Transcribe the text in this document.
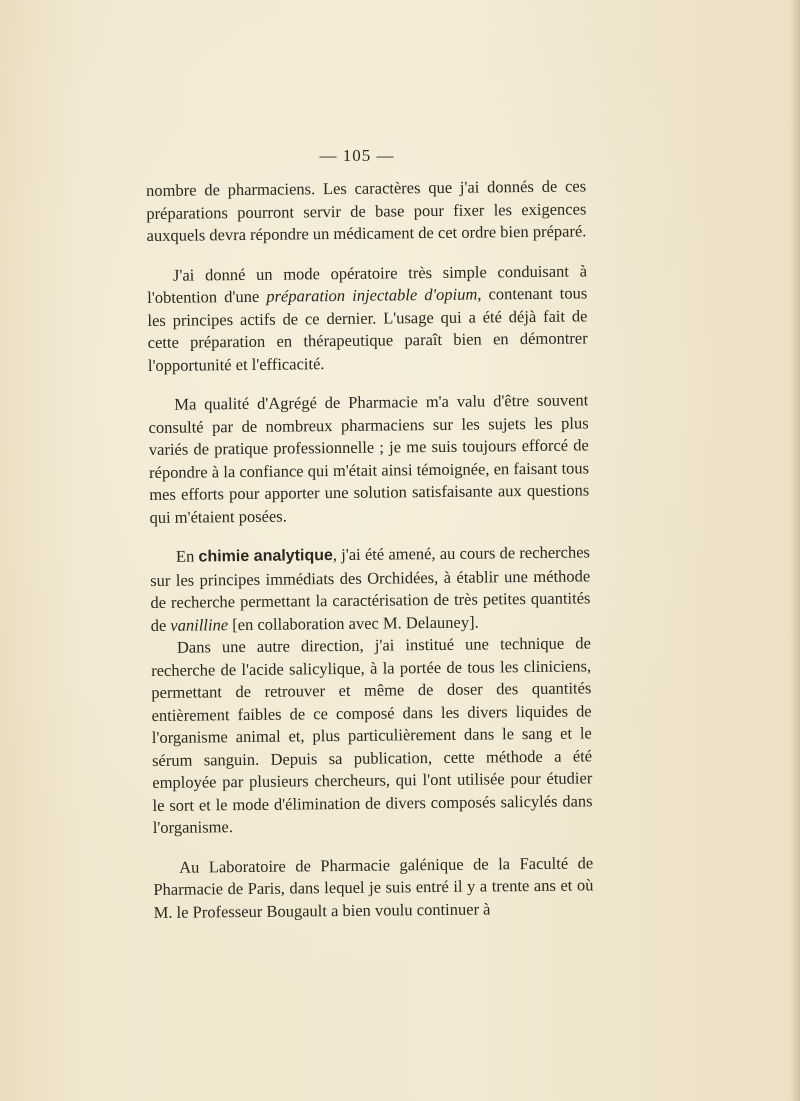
— 105 —

nombre de pharmaciens. Les caractères que j'ai donnés de ces préparations pourront servir de base pour fixer les exigences auxquels devra répondre un médicament de cet ordre bien préparé.

J'ai donné un mode opératoire très simple conduisant à l'obtention d'une préparation injectable d'opium, contenant tous les principes actifs de ce dernier. L'usage qui a été déjà fait de cette préparation en thérapeutique paraît bien en démontrer l'opportunité et l'efficacité.

Ma qualité d'Agrégé de Pharmacie m'a valu d'être souvent consulté par de nombreux pharmaciens sur les sujets les plus variés de pratique professionnelle ; je me suis toujours efforcé de répondre à la confiance qui m'était ainsi témoignée, en faisant tous mes efforts pour apporter une solution satisfaisante aux questions qui m'étaient posées.

En chimie analytique, j'ai été amené, au cours de recherches sur les principes immédiats des Orchidées, à établir une méthode de recherche permettant la caractérisation de très petites quantités de vanilline [en collaboration avec M. Delauney].

Dans une autre direction, j'ai institué une technique de recherche de l'acide salicylique, à la portée de tous les cliniciens, permettant de retrouver et même de doser des quantités entièrement faibles de ce composé dans les divers liquides de l'organisme animal et, plus particulièrement dans le sang et le sérum sanguin. Depuis sa publication, cette méthode a été employée par plusieurs chercheurs, qui l'ont utilisée pour étudier le sort et le mode d'élimination de divers composés salicylés dans l'organisme.

Au Laboratoire de Pharmacie galénique de la Faculté de Pharmacie de Paris, dans lequel je suis entré il y a trente ans et où M. le Professeur Bougault a bien voulu continuer à
